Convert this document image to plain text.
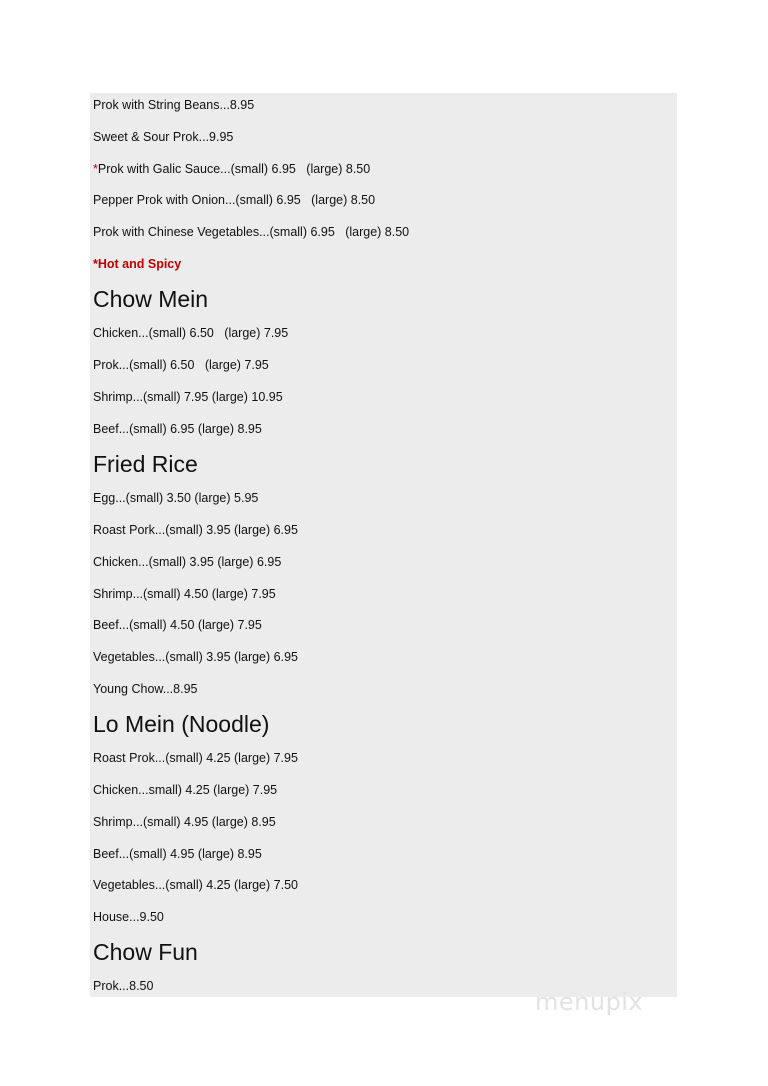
Prok with String Beans...8.95
Sweet & Sour Prok...9.95
*Prok with Galic Sauce...(small) 6.95   (large) 8.50
Pepper Prok with Onion...(small) 6.95   (large) 8.50
Prok with Chinese Vegetables...(small) 6.95   (large) 8.50
*Hot and Spicy
Chow Mein
Chicken...(small) 6.50   (large) 7.95
Prok...(small) 6.50   (large) 7.95
Shrimp...(small) 7.95 (large) 10.95
Beef...(small) 6.95 (large) 8.95
Fried Rice
Egg...(small) 3.50 (large) 5.95
Roast Pork...(small) 3.95 (large) 6.95
Chicken...(small) 3.95 (large) 6.95
Shrimp...(small) 4.50 (large) 7.95
Beef...(small) 4.50 (large) 7.95
Vegetables...(small) 3.95 (large) 6.95
Young Chow...8.95
Lo Mein (Noodle)
Roast Prok...(small) 4.25 (large) 7.95
Chicken...small) 4.25 (large) 7.95
Shrimp...(small) 4.95 (large) 8.95
Beef...(small) 4.95 (large) 8.95
Vegetables...(small) 4.25 (large) 7.50
House...9.50
Chow Fun
Prok...8.50
menupix
